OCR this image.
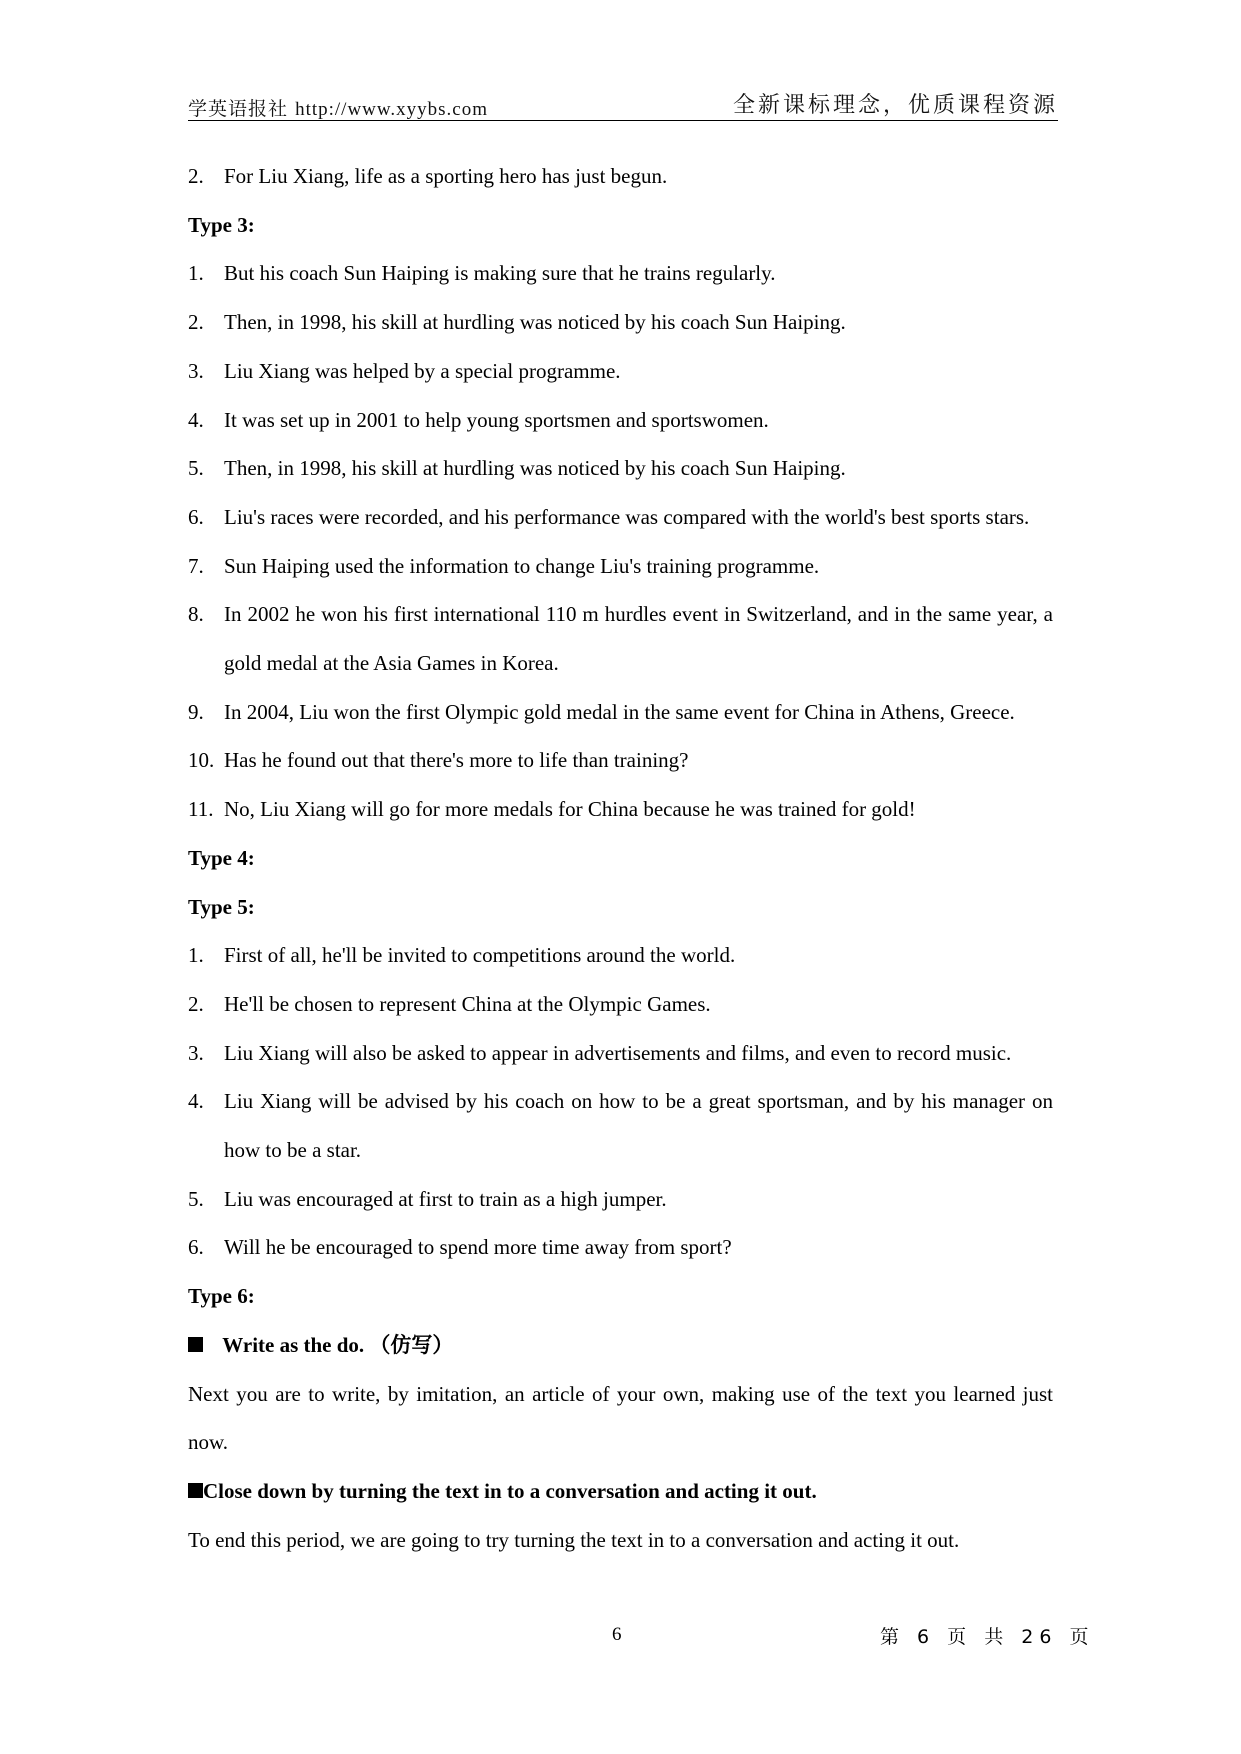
学英语报社 http://www.xyybs.com	全新课标理念，优质课程资源
2. For Liu Xiang, life as a sporting hero has just begun.
Type 3:
1. But his coach Sun Haiping is making sure that he trains regularly.
2. Then, in 1998, his skill at hurdling was noticed by his coach Sun Haiping.
3. Liu Xiang was helped by a special programme.
4. It was set up in 2001 to help young sportsmen and sportswomen.
5. Then, in 1998, his skill at hurdling was noticed by his coach Sun Haiping.
6. Liu's races were recorded, and his performance was compared with the world's best sports stars.
7. Sun Haiping used the information to change Liu's training programme.
8. In 2002 he won his first international 110 m hurdles event in Switzerland, and in the same year, a gold medal at the Asia Games in Korea.
9. In 2004, Liu won the first Olympic gold medal in the same event for China in Athens, Greece.
10. Has he found out that there's more to life than training?
11. No, Liu Xiang will go for more medals for China because he was trained for gold!
Type 4:
Type 5:
1. First of all, he'll be invited to competitions around the world.
2. He'll be chosen to represent China at the Olympic Games.
3. Liu Xiang will also be asked to appear in advertisements and films, and even to record music.
4. Liu Xiang will be advised by his coach on how to be a great sportsman, and by his manager on how to be a star.
5. Liu was encouraged at first to train as a high jumper.
6. Will he be encouraged to spend more time away from sport?
Type 6:
Write as the do. （仿写）
Next you are to write, by imitation, an article of your own, making use of the text you learned just now.
Close down by turning the text in to a conversation and acting it out.
To end this period, we are going to try turning the text in to a conversation and acting it out.
6	第 6 页 共 26 页
